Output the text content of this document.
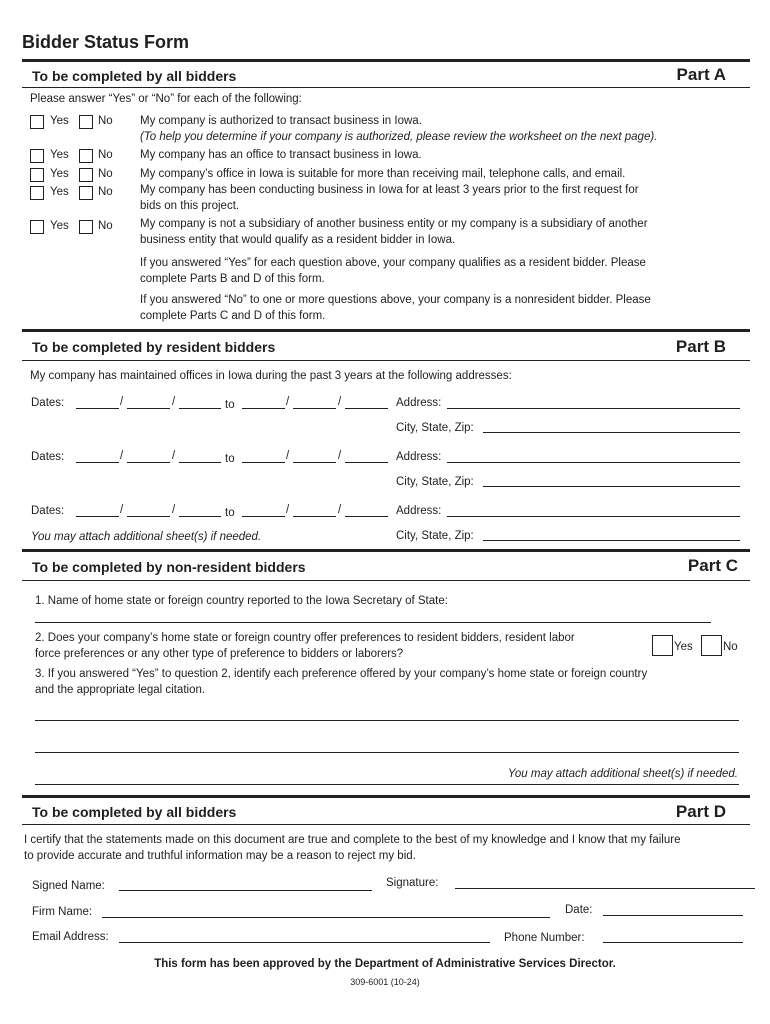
Bidder Status Form
To be completed by all bidders	Part A
Please answer “Yes” or “No” for each of the following:
Yes	No My company is authorized to transact business in Iowa.
(To help you determine if your company is authorized, please review the worksheet on the next page).
Yes	No My company has an office to transact business in Iowa.
Yes	No My company’s office in Iowa is suitable for more than receiving mail, telephone calls, and email.
Yes	No My company has been conducting business in Iowa for at least 3 years prior to the first request for
bids on this project.
Yes	No My company is not a subsidiary of another business entity or my company is a subsidiary of another
business entity that would qualify as a resident bidder in Iowa.
If you answered “Yes” for each question above, your company qualifies as a resident bidder. Please
complete Parts B and D of this form.
If you answered “No” to one or more questions above, your company is a nonresident bidder. Please
complete Parts C and D of this form.
To be completed by resident bidders	Part B
My company has maintained offices in Iowa during the past 3 years at the following addresses:
Dates:	/	/	to	/	/	Address:
City, State, Zip:
Dates:	/	/	to	/	/	Address:
City, State, Zip:
Dates:	/	/	to	/	/	Address:
City, State, Zip:
You may attach additional sheet(s) if needed.
To be completed by non-resident bidders	Part C
1. Name of home state or foreign country reported to the Iowa Secretary of State:
2. Does your company’s home state or foreign country offer preferences to resident bidders, resident labor
force preferences or any other type of preference to bidders or laborers?
Yes	No
3. If you answered “Yes” to question 2, identify each preference offered by your company’s home state or foreign country
and the appropriate legal citation.
You may attach additional sheet(s) if needed.
To be completed by all bidders	Part D
I certify that the statements made on this document are true and complete to the best of my knowledge and I know that my failure
to provide accurate and truthful information may be a reason to reject my bid.
Signed Name:	Signature:
Firm Name:	Date:
Email Address:	Phone Number:
This form has been approved by the Department of Administrative Services Director.
309-6001 (10-24)
